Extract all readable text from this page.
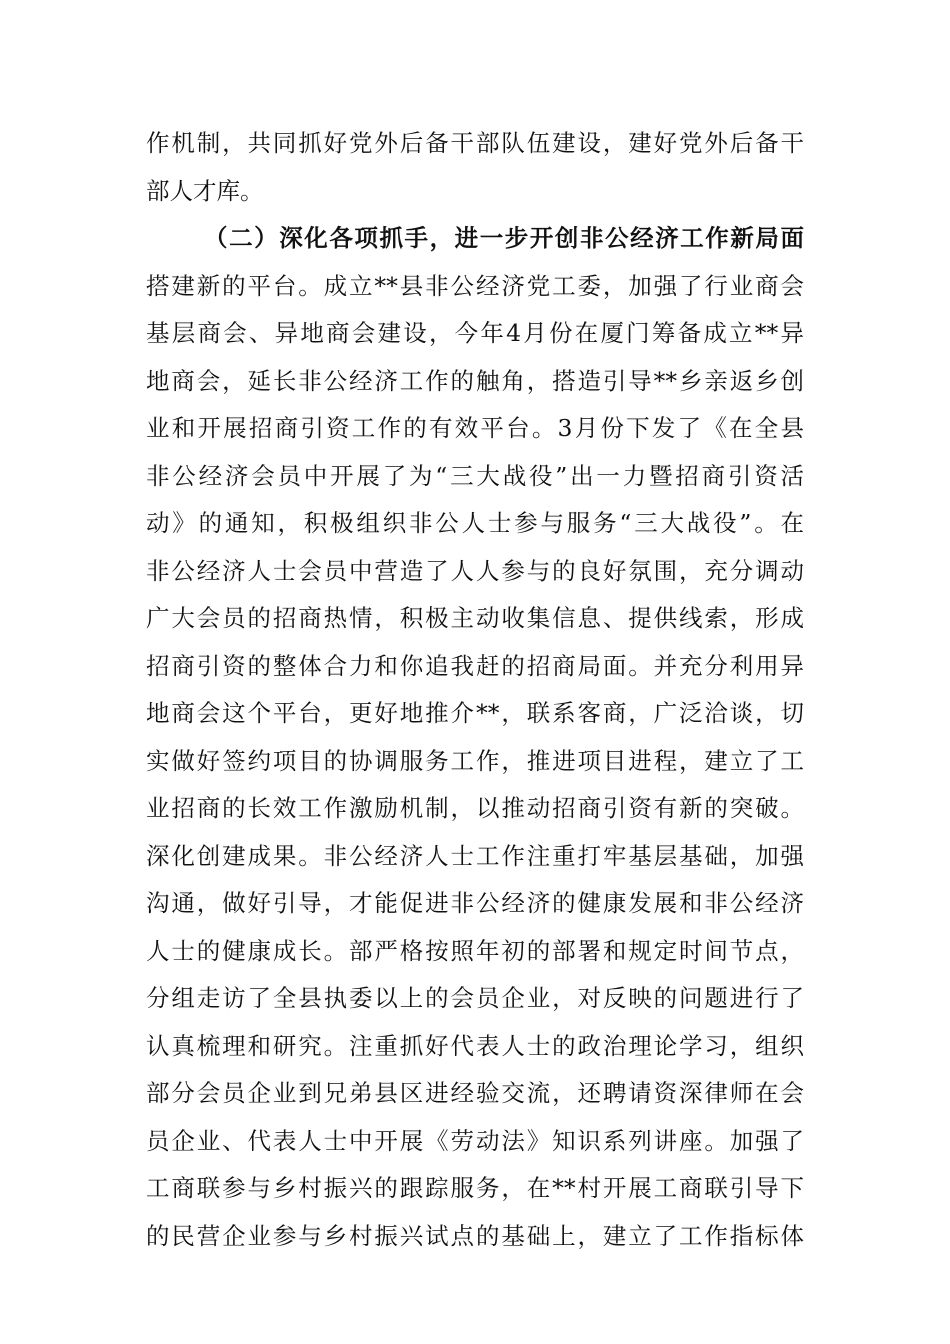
作机制，共同抓好党外后备干部队伍建设，建好党外后备干
部人才库。
（二）深化各项抓手，进一步开创非公经济工作新局面
搭建新的平台。成立**县非公经济党工委，加强了行业商会
基层商会、异地商会建设，今年4月份在厦门筹备成立**异
地商会，延长非公经济工作的触角，搭造引导**乡亲返乡创
业和开展招商引资工作的有效平台。3月份下发了《在全县
非公经济会员中开展了为“三大战役”出一力暨招商引资活
动》的通知，积极组织非公人士参与服务“三大战役”。在
非公经济人士会员中营造了人人参与的良好氛围，充分调动
广大会员的招商热情，积极主动收集信息、提供线索，形成
招商引资的整体合力和你追我赶的招商局面。并充分利用异
地商会这个平台，更好地推介**，联系客商，广泛洽谈，切
实做好签约项目的协调服务工作，推进项目进程，建立了工
业招商的长效工作激励机制，以推动招商引资有新的突破。
深化创建成果。非公经济人士工作注重打牢基层基础，加强
沟通，做好引导，才能促进非公经济的健康发展和非公经济
人士的健康成长。部严格按照年初的部署和规定时间节点，
分组走访了全县执委以上的会员企业，对反映的问题进行了
认真梳理和研究。注重抓好代表人士的政治理论学习，组织
部分会员企业到兄弟县区进经验交流，还聘请资深律师在会
员企业、代表人士中开展《劳动法》知识系列讲座。加强了
工商联参与乡村振兴的跟踪服务，在**村开展工商联引导下
的民营企业参与乡村振兴试点的基础上，建立了工作指标体
